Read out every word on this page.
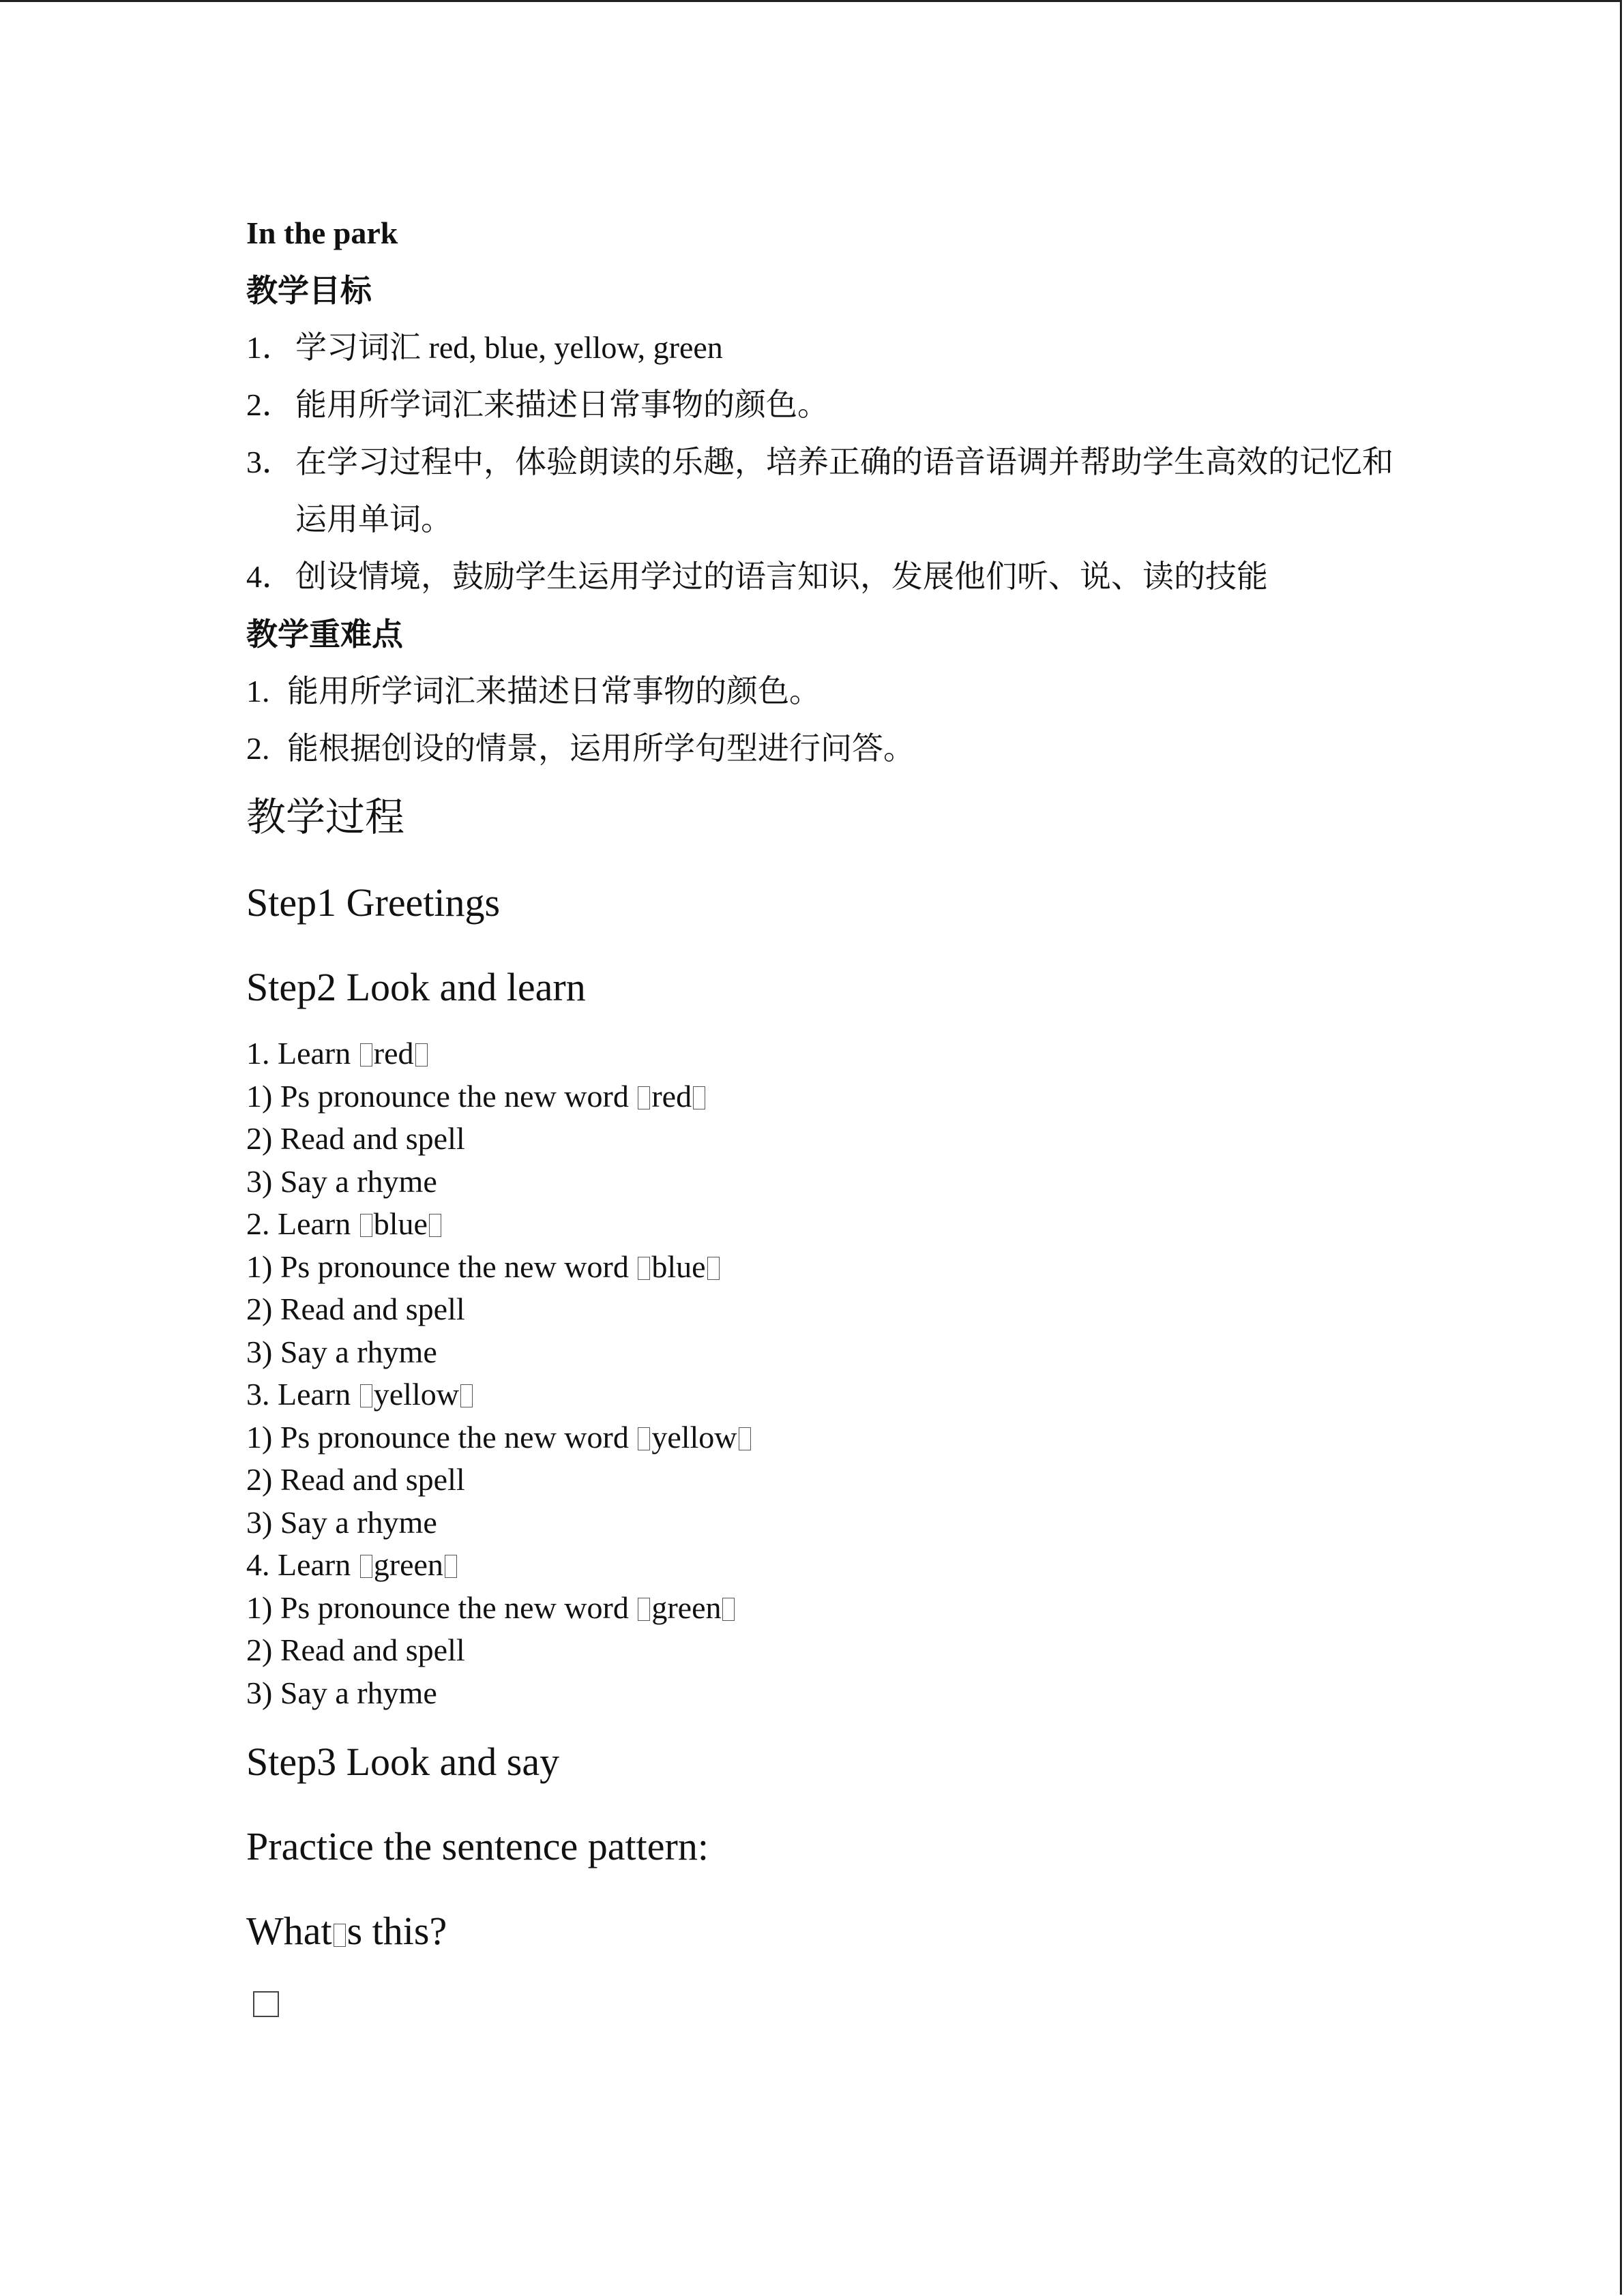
In the park

教学目标

1． 学习词汇 red, blue, yellow, green
2． 能用所学词汇来描述日常事物的颜色。
3． 在学习过程中，体验朗读的乐趣，培养正确的语音语调并帮助学生高效的记忆和运用单词。
4． 创设情境，鼓励学生运用学过的语言知识，发展他们听、说、读的技能

教学重难点

1. 能用所学词汇来描述日常事物的颜色。
2. 能根据创设的情景，运用所学句型进行问答。

教学过程

Step1 Greetings

Step2 Look and learn

1. Learn red
1) Ps pronounce the new word red
2) Read and spell
3) Say a rhyme
2. Learn blue
1) Ps pronounce the new word blue
2) Read and spell
3) Say a rhyme
3. Learn yellow
1) Ps pronounce the new word yellow
2) Read and spell
3) Say a rhyme
4. Learn green
1) Ps pronounce the new word green
2) Read and spell
3) Say a rhyme

Step3 Look and say

Practice the sentence pattern:

What s this?
